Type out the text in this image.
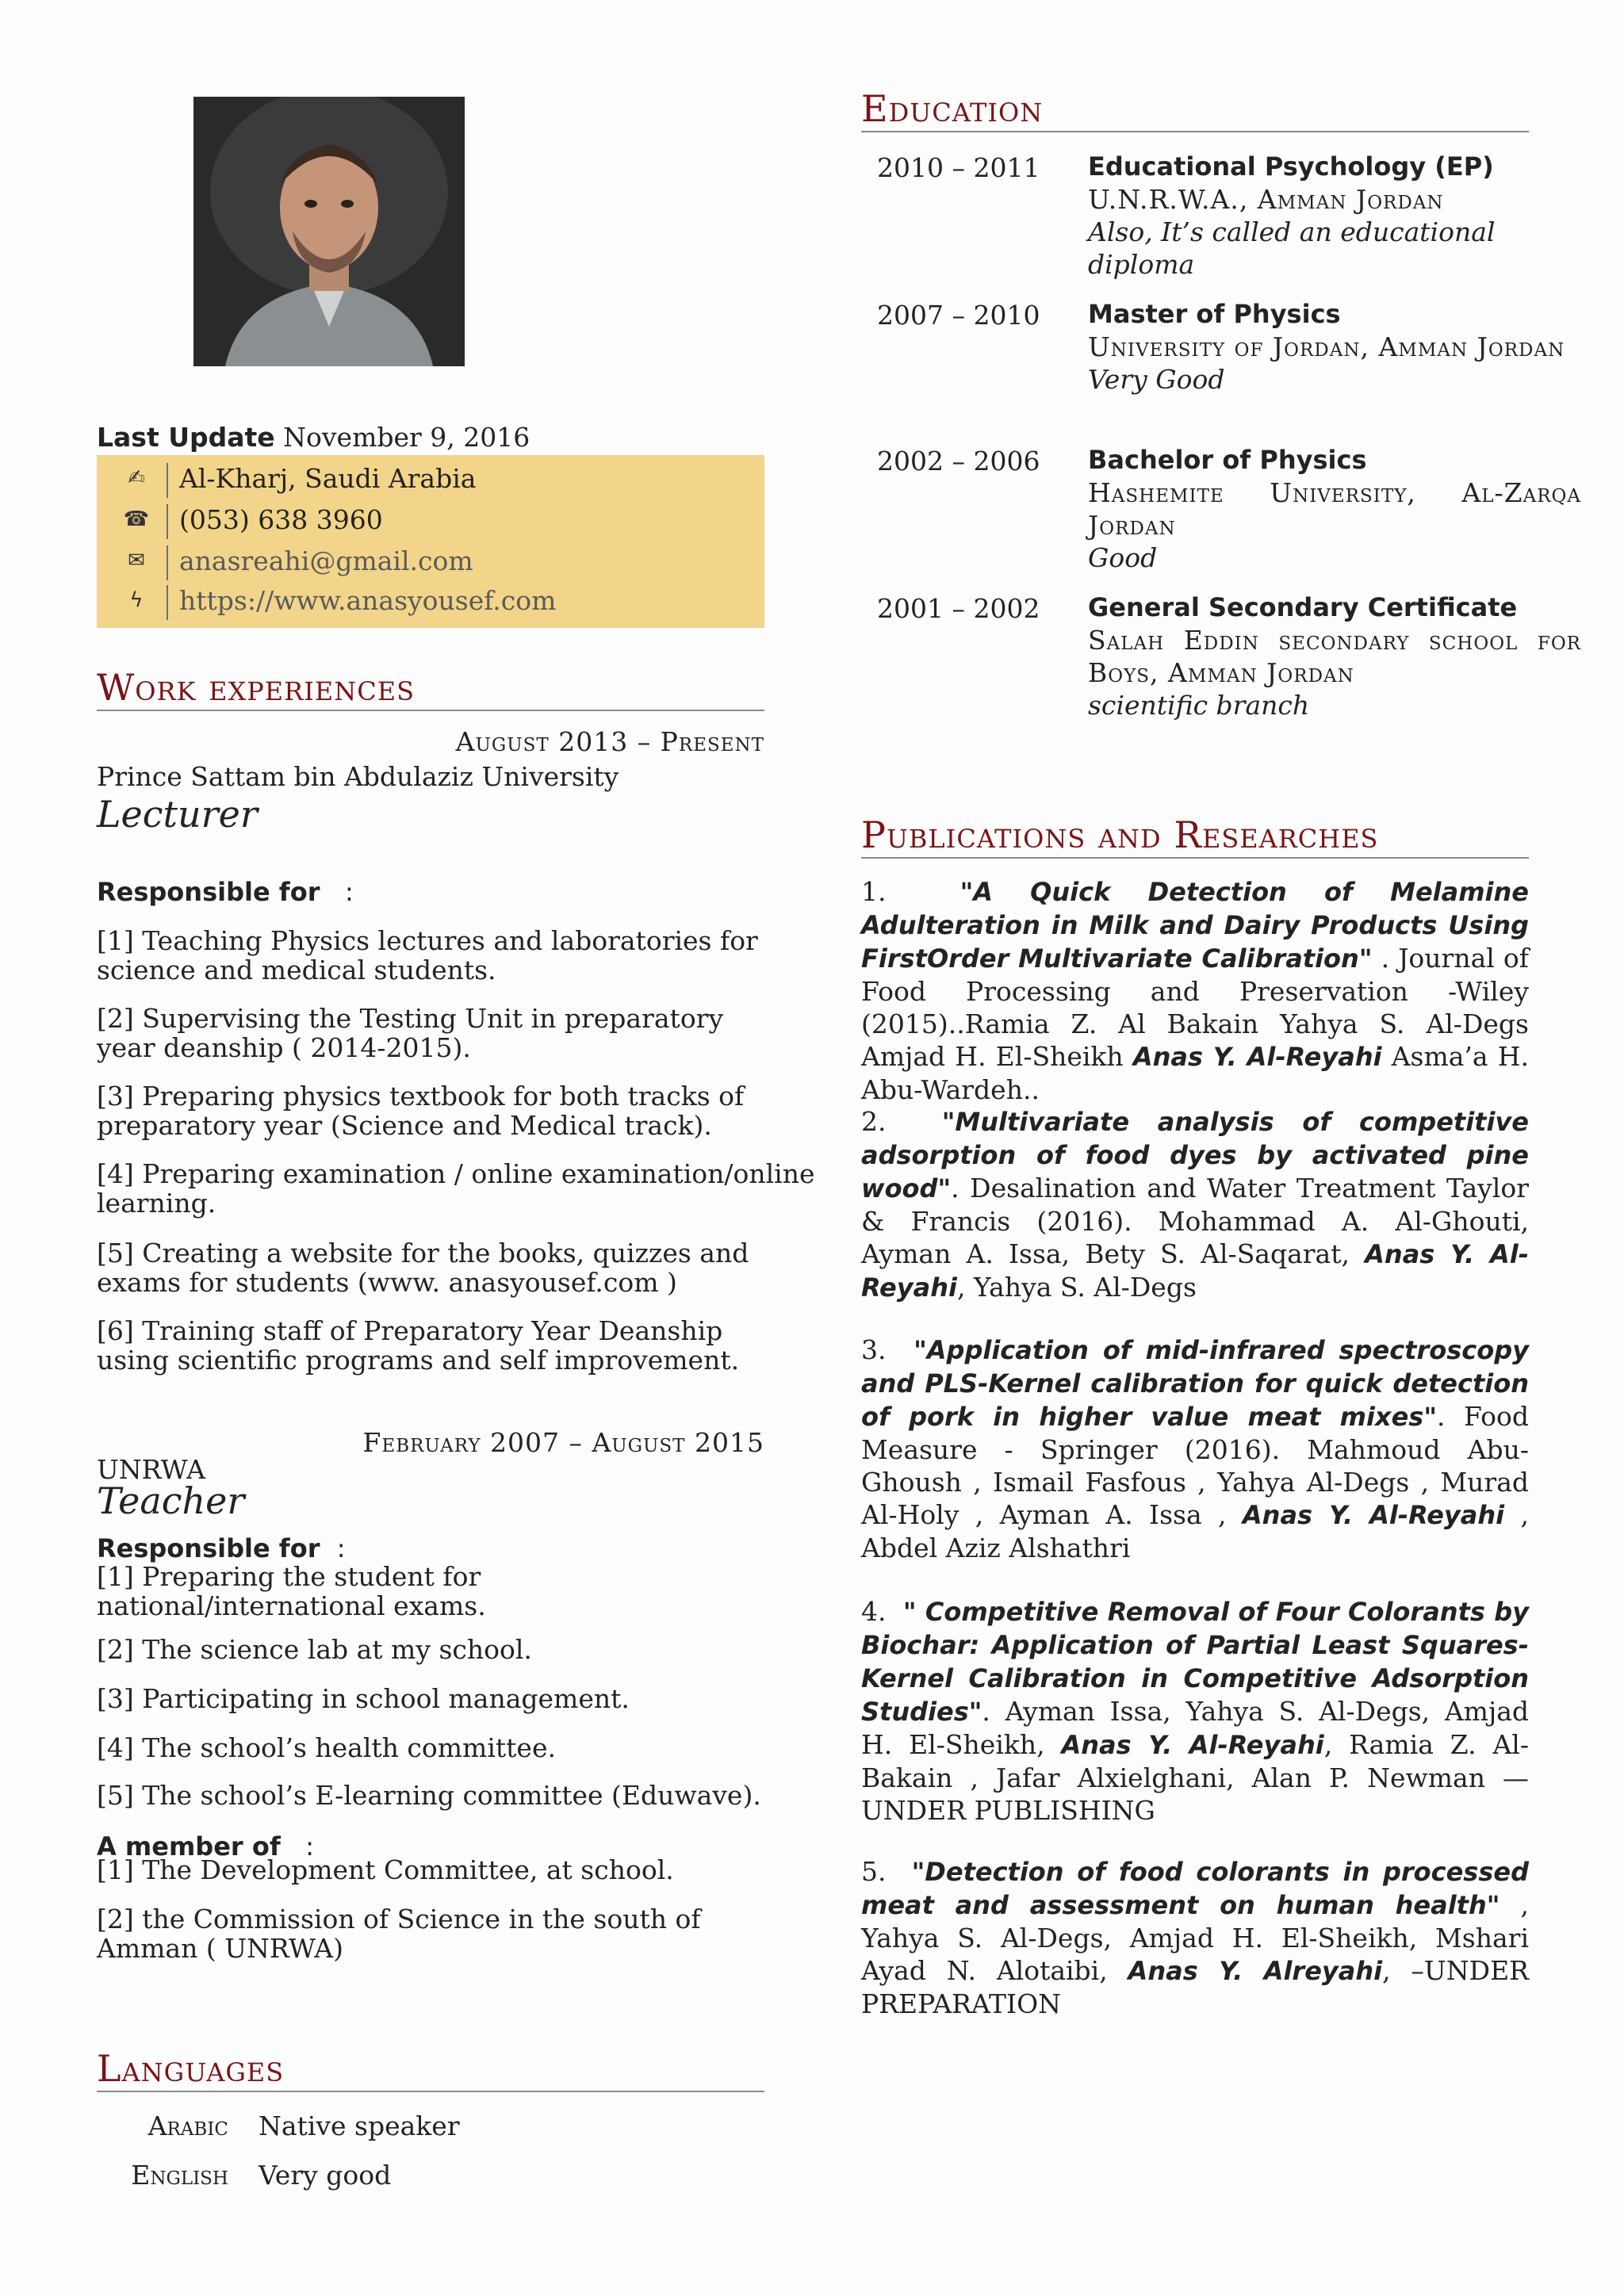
Last Update November 9, 2016
✍	Al-Kharj, Saudi Arabia
☎	(053) 638 3960
✉	anasreahi@gmail.com
ϟ	https://www.anasyousef.com
Work experiences
August 2013 – Present
Prince Sattam bin Abdulaziz University
Lecturer
Responsible for   :
[1] Teaching Physics lectures and laboratories for science and medical students.
[2] Supervising the Testing Unit in preparatory year deanship ( 2014-2015).
[3] Preparing physics textbook for both tracks of preparatory year (Science and Medical track).
[4] Preparing examination / online examination/online learning.
[5] Creating a website for the books, quizzes and exams for students (www. anasyousef.com )
[6] Training staff of Preparatory Year Deanship using scientific programs and self improvement.
February 2007 – August 2015
UNRWA
Teacher
Responsible for  :
[1] Preparing the student for national/international exams.
[2] The science lab at my school.
[3] Participating in school management.
[4] The school’s health committee.
[5] The school’s E-learning committee (Eduwave).
A member of   :
[1] The Development Committee, at school.
[2] the Commission of Science in the south of Amman ( UNRWA)
Languages
Arabic Native speaker
English Very good
Education
2010 – 2011 Educational Psychology (EP)
U.N.R.W.A., Amman Jordan
Also, It’s called an educational diploma
2007 – 2010 Master of Physics
University of Jordan, Amman Jordan
Very Good
2002 – 2006 Bachelor of Physics
Hashemite University, Al-Zarqa Jordan
Good
2001 – 2002 General Secondary Certificate
Salah Eddin secondary school for Boys, Amman Jordan
scientific branch
Publications and Researches
1.	"A Quick Detection of Melamine Adulteration in Milk and Dairy Products Using FirstOrder Multivariate Calibration" . Journal of Food Processing and Preservation -Wiley (2015)..Ramia Z. Al Bakain Yahya S. Al-Degs Amjad H. El-Sheikh Anas Y. Al-Reyahi Asma’a H. Abu-Wardeh..
2. "Multivariate analysis of competitive adsorption of food dyes by activated pine wood". Desalination and Water Treatment Taylor & Francis (2016). Mohammad A. Al-Ghouti, Ayman A. Issa, Bety S. Al-Saqarat, Anas Y. Al-Reyahi, Yahya S. Al-Degs
3. "Application of mid-infrared spectroscopy and PLS-Kernel calibration for quick detection of pork in higher value meat mixes". Food Measure - Springer (2016). Mahmoud Abu-Ghoush , Ismail Fasfous , Yahya Al-Degs , Murad Al-Holy , Ayman A. Issa , Anas Y. Al-Reyahi , Abdel Aziz Alshathri
4. " Competitive Removal of Four Colorants by Biochar: Application of Partial Least Squares-Kernel Calibration in Competitive Adsorption Studies". Ayman Issa, Yahya S. Al-Degs, Amjad H. El-Sheikh, Anas Y. Al-Reyahi, Ramia Z. Al-Bakain , Jafar Alxielghani, Alan P. Newman — UNDER PUBLISHING
5. "Detection of food colorants in processed meat and assessment on human health" , Yahya S. Al-Degs, Amjad H. El-Sheikh, Mshari Ayad N. Alotaibi, Anas Y. Alreyahi, –UNDER PREPARATION
